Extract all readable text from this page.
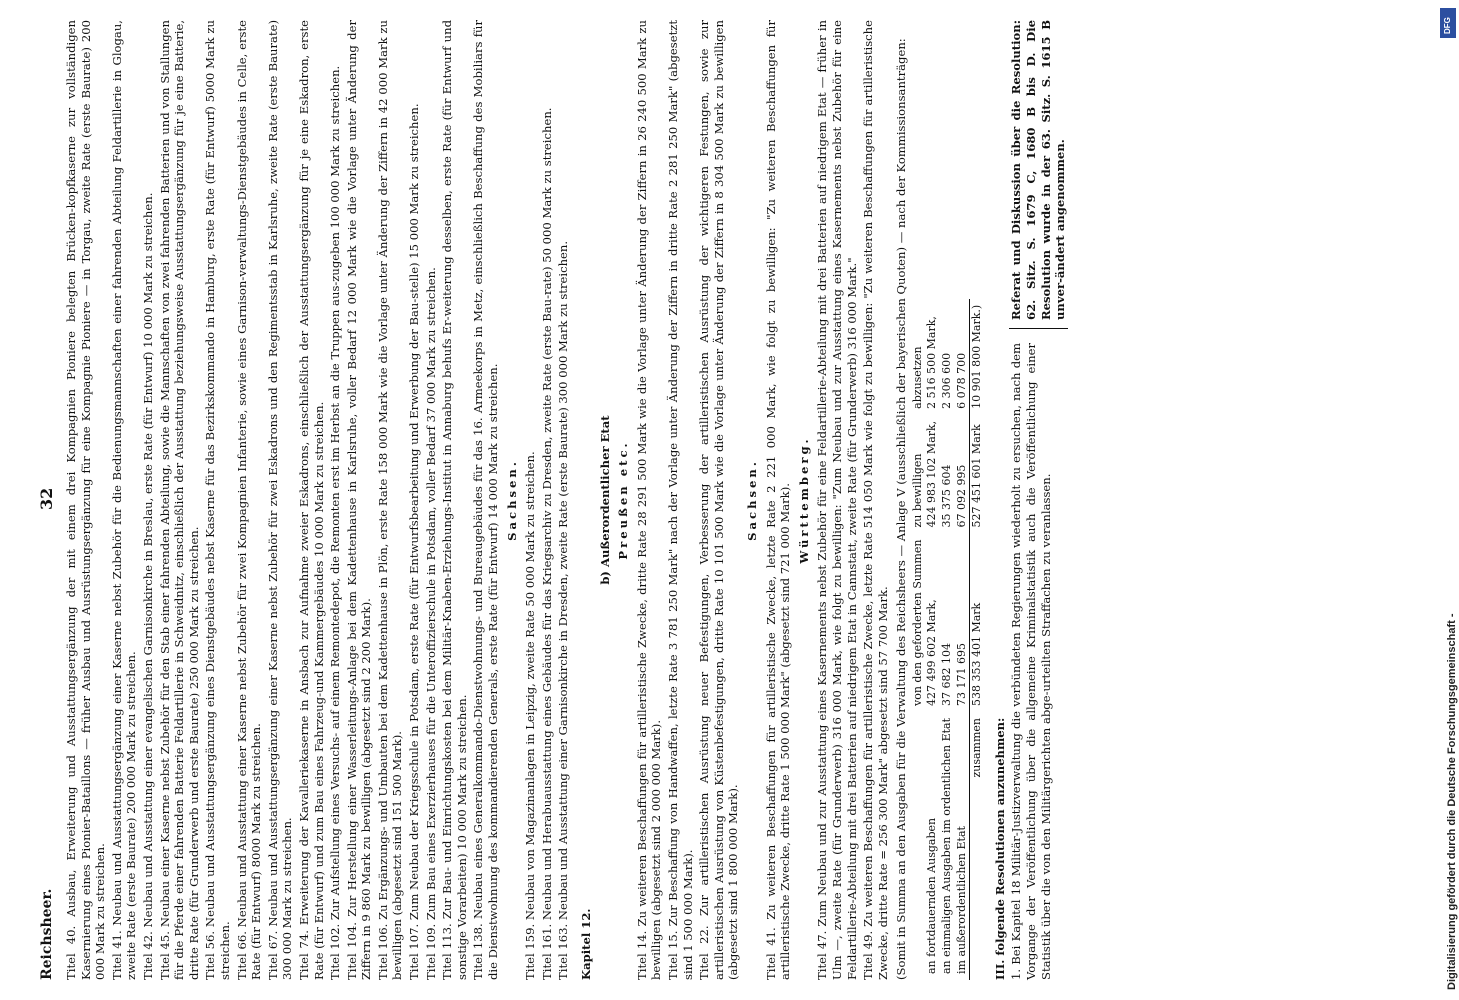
Reichsheer.
32 Titel 40. Ausbau, Erweiterung und Ausstattungsergänzung der mit einem drei Kompagnien Pioniere belegten Brücken-kopfkaserne zur vollständigen Kasernierung eines Pionier-Bataillons — früher Ausbau und Ausrüstungsergänzung für eine Kompagnie Pioniere — in Torgau, zweite Rate (erste Baurate) 200 000 Mark zu streichen. Titel 41. Neubau und Ausstattungsergänzung einer Kaserne nebst Zubehör für die Bedienungsmannschaften einer fahrenden Abteilung Feldartillerie in Glogau, zweite Rate (erste Baurate) 200 000 Mark zu streichen. Titel 42. Neubau und Ausstattung einer evangelischen Garnisonkirche in Breslau, erste Rate (für Entwurf) 10 000 Mark zu streichen. Titel 45. Neubau einer Kaserne nebst Zubehör für den Stab einer fahrenden Abteilung, sowie die Mannschaften von zwei fahrenden Batterien und von Stallungen für die Pferde einer fahrenden Batterie Feldartillerie in Schweidnitz, einschließlich der Ausstattung beziehungsweise Ausstattungsergänzung für je eine Batterie, dritte Rate (für Grunderwerb und erste Baurate) 250 000 Mark zu streichen. Titel 56. Neubau und Ausstattungsergänzung eines Dienstgebäudes nebst Kaserne für das Bezirkskommando in Hamburg, erste Rate (für Entwurf) 5000 Mark zu streichen. Titel 66. Neubau und Ausstattung einer Kaserne nebst Zubehör für zwei Kompagnien Infanterie, sowie eines Garnison-verwaltungs-Dienstgebäudes in Celle, erste Rate (für Entwurf) 8000 Mark zu streichen. Titel 67. Neubau und Ausstattungsergänzung einer Kaserne nebst Zubehör für zwei Eskadrons und den Regimentsstab in Karlsruhe, zweite Rate (erste Baurate) 300 000 Mark zu streichen. Titel 74. Erweiterung der Kavalleriekaserne in Ansbach zur Aufnahme zweier Eskadrons, einschließlich der Ausstattungsergänzung für je eine Eskadron, erste Rate (für Entwurf) und zum Bau eines Fahrzeug-und Kammergebäudes 10 000 Mark zu streichen. Titel 102. Zur Aufstellung eines Versuchs- auf einem Remontedepot, die Remonten erst im Herbst an die Truppen aus-zugeben 100 000 Mark zu streichen. Titel 104. Zur Herstellung einer Wasserleitungs-Anlage bei dem Kadettenhause in Karlsruhe, voller Bedarf 12 000 Mark wie die Vorlage unter Änderung der Ziffern in 9 860 Mark zu bewilligen (abgesetzt sind 2 200 Mark). Titel 106. Zu Ergänzungs- und Umbauten bei dem Kadettenhause in Plön, erste Rate 158 000 Mark wie die Vorlage unter Änderung der Ziffern in 42 000 Mark zu bewilligen (abgesetzt sind 151 500 Mark). Titel 107. Zum Neubau der Kriegsschule in Potsdam, erste Rate (für Entwurfsbearbeitung und Erwerbung der Bau-stelle) 15 000 Mark zu streichen. Titel 109. Zum Bau eines Exerzierhauses für die Unteroffizierschule in Potsdam, voller Bedarf 37 000 Mark zu streichen. Titel 113. Zur Bau- und Einrichtungskosten bei dem Militär-Knaben-Erziehungs-Institut in Annaburg behufs Er-weiterung desselben, erste Rate (für Entwurf und sonstige Vorarbeiten) 10 000 Mark zu streichen. Titel 138. Neubau eines Generalkommando-Dienstwohnungs- und Bureaugebäudes für das 16. Armeekorps in Metz, einschließlich Beschaffung des Mobiliars für die Dienstwohnung des kommandierenden Generals, erste Rate (für Entwurf) 14 000 Mark zu streichen. Sachsen. Titel 159. Neubau von Magazinanlagen in Leipzig, zweite Rate 50 000 Mark zu streichen. Titel 161. Neubau und Herabuausstattung eines Gebäudes für das Kriegsarchiv zu Dresden, zweite Rate (erste Bau-rate) 50 000 Mark zu streichen. Titel 163. Neubau und Ausstattung einer Garnisonkirche in Dresden, zweite Rate (erste Baurate) 300 000 Mark zu streichen. Kapitel 12.
b) Außerordentlicher Etat Preußen etc. Titel 14. Zu weiteren Beschaffungen für artilleristische Zwecke, dritte Rate 28 291 500 Mark wie die Vorlage unter Änderung der Ziffern in 26 240 500 Mark zu bewilligen (abgesetzt sind 2 000 000 Mark). Titel 15. Zur Beschaffung von Handwaffen, letzte Rate 3 781 250 Mark" nach der Vorlage unter Änderung der Ziffern in dritte Rate 2 281 250 Mark" (abgesetzt sind 1 500 000 Mark). Titel 22. Zur artilleristischen Ausrüstung neuer Befestigungen, Verbesserung der artilleristischen Ausrüstung der wichtigeren Festungen, sowie zur artilleristischen Ausrüstung von Küstenbefestigungen, dritte Rate 10 101 500 Mark wie die Vorlage unter Änderung der Ziffern in 8 304 500 Mark zu bewilligen (abgesetzt sind 1 800 000 Mark).

Sachsen. Titel 41. Zu weiteren Beschaffungen für artilleristische Zwecke, letzte Rate 2 221 000 Mark, wie folgt zu bewilligen: "Zu weiteren Beschaffungen für artilleristische Zwecke, dritte Rate 1 500 000 Mark" (abgesetzt sind 721 000 Mark). Württemberg. Titel 47. Zum Neubau und zur Ausstattung eines Kasernements nebst Zubehör für eine Feldartillerie-Abteilung mit drei Batterien auf niedrigem Etat — früher in Ulm —, zweite Rate (für Grunderwerb) 316 000 Mark, wie folgt zu bewilligen: "Zum Neubau und zur Ausstattung eines Kasernements nebst Zubehör für eine Feldartillerie-Abteilung mit drei Batterien auf niedrigem Etat in Cannstatt, zweite Rate (für Grunderwerb) 316 000 Mark." Titel 49. Zu weiteren Beschaffungen für artilleristische Zwecke, letzte Rate 514 050 Mark wie folgt zu bewilligen: "Zu weiteren Beschaffungen für artilleristische Zwecke, dritte Rate = 256 300 Mark" abgesetzt sind 57 700 Mark. (Somit in Summa an den Ausgaben für die Verwaltung des Reichsheers — Anlage V (ausschließlich der bayerischen Quoten) — nach der Kommissionsanträgen:

	von den geforderten Summen	zu bewilligen	abzusetzen
an fortdauernden Ausgaben	427 499 602 Mark,	424 983 102 Mark,	2 516 500 Mark,
an einmaligen Ausgaben im ordentlichen Etat	37 682 104	35 375 604	2 306 600
im außerordentlichen Etat	73 171 695	67 092 995	6 078 700
zusammen	538 353 401 Mark	527 451 601 Mark	10 901 800 Mark.)
III. folgende Resolutionen anzunehmen: 1. Bei Kapitel 18 Militär-Justizverwaltung die verbündeten Regierungen wiederholt zu ersuchen, nach dem Vorgange der Veröffentlichung über die allgemeine Kriminalstatistik auch die Veröffentlichung einer Statistik über die von den Militärgerichten abge-urteilten Straffachen zu veranlassen.

Referat und Diskussion über die Resolution: 62. Sitz. S. 1679 C, 1680 B bis D. Die Resolution wurde in der 63. Sitz. S. 1615 B unver-ändert angenommen.

Digitalisierung gefördert durch die Deutsche Forschungsgemeinschaft -
DFG
